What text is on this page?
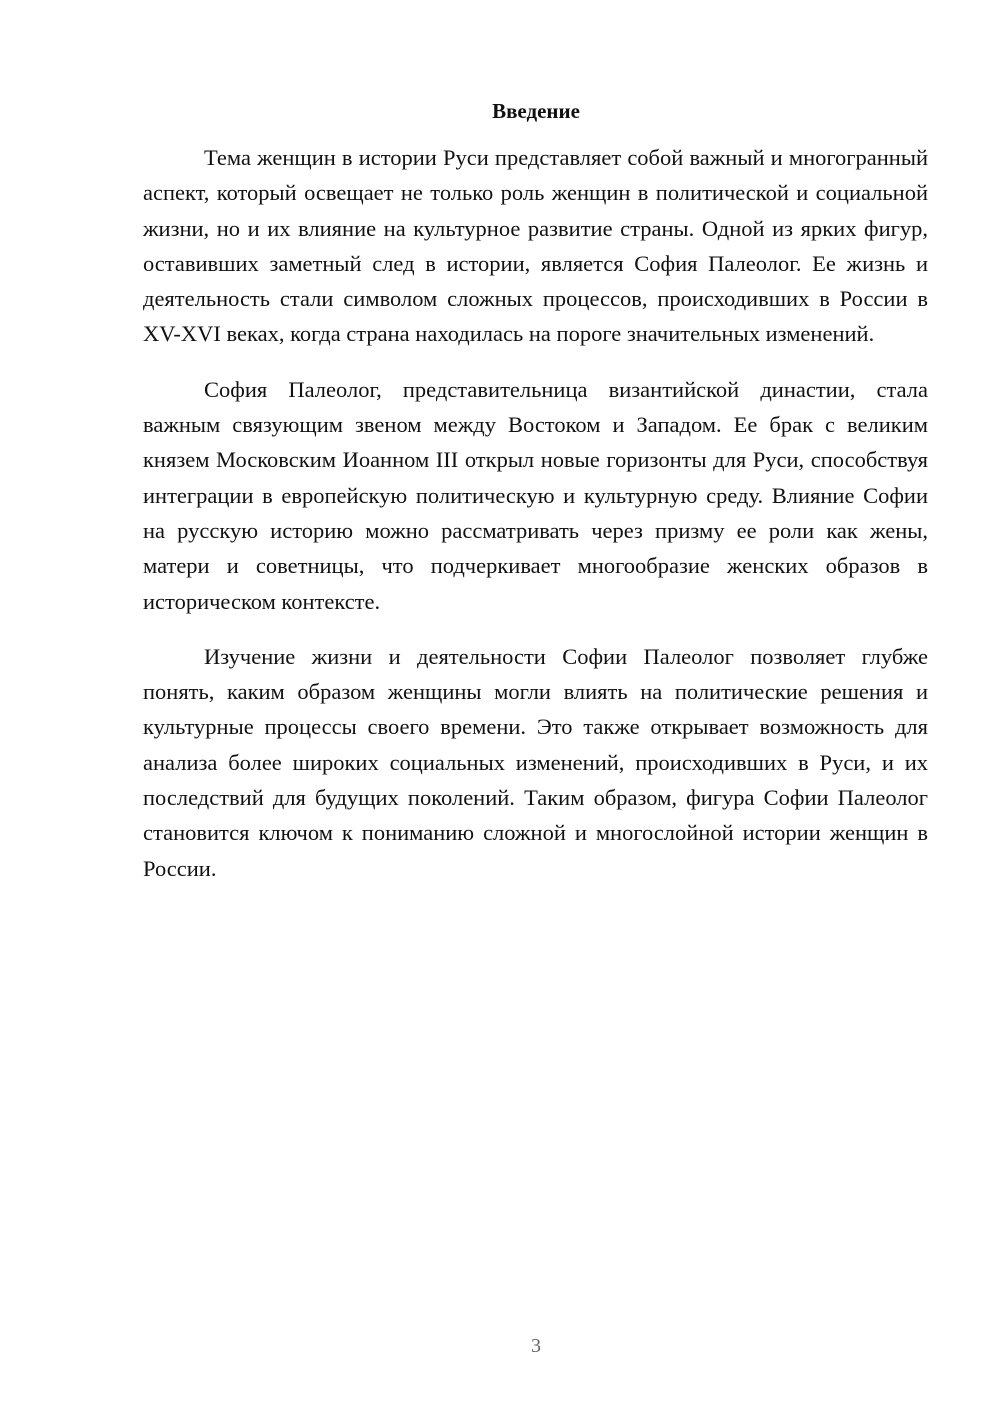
Введение

Тема женщин в истории Руси представляет собой важный и многогранный аспект, который освещает не только роль женщин в политической и социальной жизни, но и их влияние на культурное развитие страны. Одной из ярких фигур, оставивших заметный след в истории, является София Палеолог. Ее жизнь и деятельность стали символом сложных процессов, происходивших в России в XV-XVI веках, когда страна находилась на пороге значительных изменений.

София Палеолог, представительница византийской династии, стала важным связующим звеном между Востоком и Западом. Ее брак с великим князем Московским Иоанном III открыл новые горизонты для Руси, способствуя интеграции в европейскую политическую и культурную среду. Влияние Софии на русскую историю можно рассматривать через призму ее роли как жены, матери и советницы, что подчеркивает многообразие женских образов в историческом контексте.

Изучение жизни и деятельности Софии Палеолог позволяет глубже понять, каким образом женщины могли влиять на политические решения и культурные процессы своего времени. Это также открывает возможность для анализа более широких социальных изменений, происходивших в Руси, и их последствий для будущих поколений. Таким образом, фигура Софии Палеолог становится ключом к пониманию сложной и многослойной истории женщин в России.

3
